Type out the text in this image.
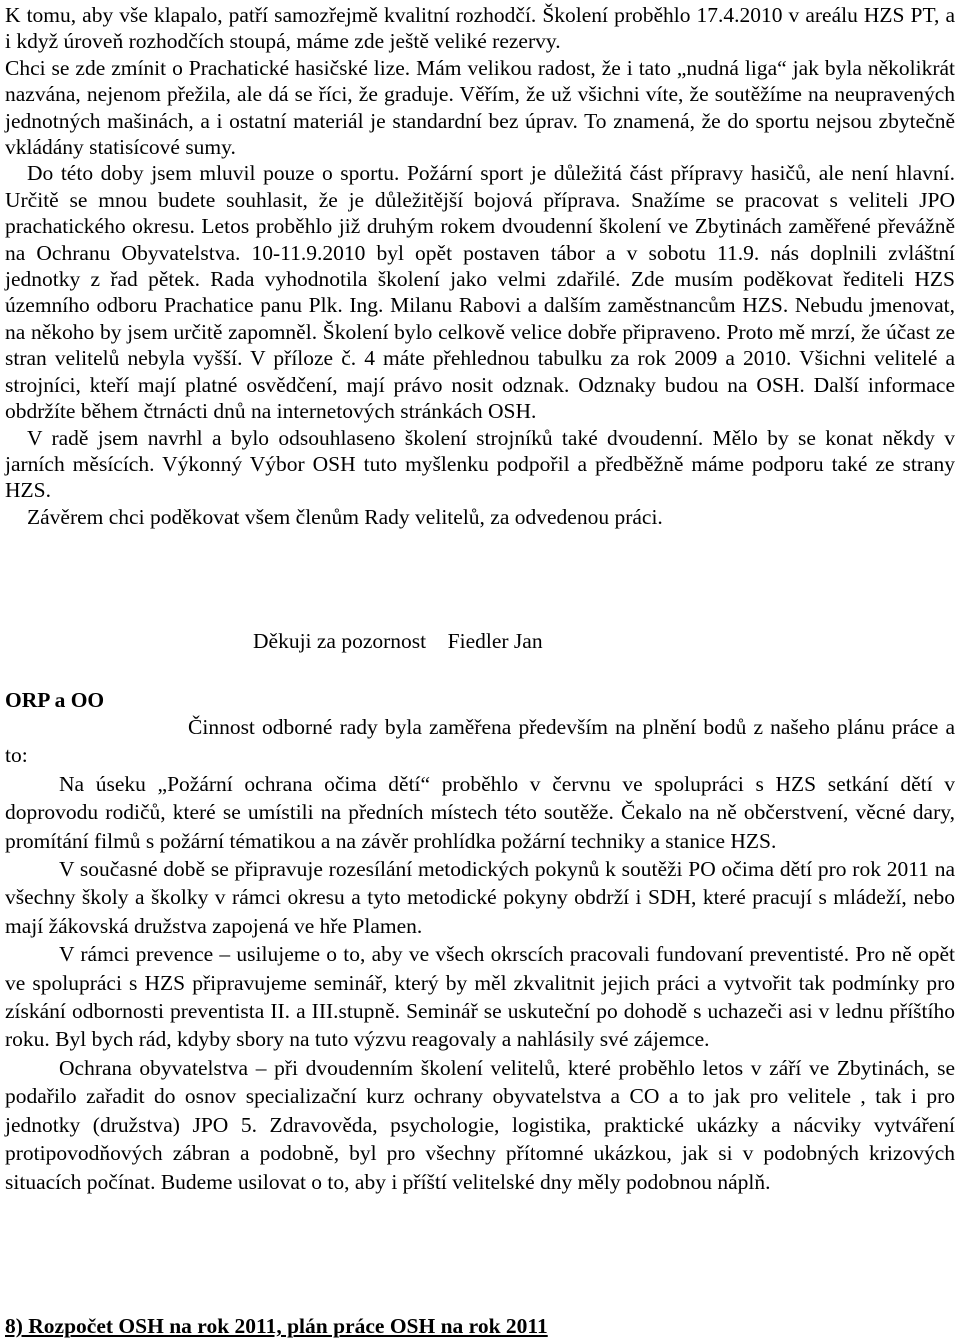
K tomu, aby vše klapalo, patří samozřejmě kvalitní rozhodčí. Školení proběhlo 17.4.2010 v areálu HZS PT, a i když úroveň rozhodčích stoupá, máme zde ještě veliké rezervy.

Chci se zde zmínit o Prachatické hasičské lize. Mám velikou radost, že i tato „nudná liga“ jak byla několikrát nazvána, nejenom přežila, ale dá se říci, že graduje. Věřím, že už všichni víte, že soutěžíme na neupravených jednotných mašinách, a i ostatní materiál je standardní bez úprav. To znamená, že do sportu nejsou zbytečně vkládány statisícové sumy.

Do této doby jsem mluvil pouze o sportu. Požární sport je důležitá část přípravy hasičů, ale není hlavní. Určitě se mnou budete souhlasit, že je důležitější bojová příprava. Snažíme se pracovat s veliteli JPO prachatického okresu. Letos proběhlo již druhým rokem dvoudenní školení ve Zbytinách zaměřené převážně na Ochranu Obyvatelstva. 10-11.9.2010 byl opět postaven tábor a v sobotu 11.9. nás doplnili zvláštní jednotky z řad pětek. Rada vyhodnotila školení jako velmi zdařilé. Zde musím poděkovat řediteli HZS územního odboru Prachatice panu Plk. Ing. Milanu Rabovi a dalším zaměstnancům HZS. Nebudu jmenovat, na někoho by jsem určitě zapomněl. Školení bylo celkově velice dobře připraveno. Proto mě mrzí, že účast ze stran velitelů nebyla vyšší. V příloze č. 4 máte přehlednou tabulku za rok 2009 a 2010. Všichni velitelé a strojníci, kteří mají platné osvědčení, mají právo nosit odznak. Odznaky budou na OSH. Další informace obdržíte během čtrnácti dnů na internetových stránkách OSH.

V radě jsem navrhl a bylo odsouhlaseno školení strojníků také dvoudenní. Mělo by se konat někdy v jarních měsících. Výkonný Výbor OSH tuto myšlenku podpořil a předběžně máme podporu také ze strany HZS.

Závěrem chci poděkovat všem členům Rady velitelů, za odvedenou práci.

Děkuji za pozornost Fiedler Jan
ORP a OO

Činnost odborné rady byla zaměřena především na plnění bodů z našeho plánu práce a to:

Na úseku „Požární ochrana očima dětí“ proběhlo v červnu ve spolupráci s HZS setkání dětí v doprovodu rodičů, které se umístili na předních místech této soutěže. Čekalo na ně občerstvení, věcné dary, promítání filmů s požární tématikou a na závěr prohlídka požární techniky a stanice HZS.

V současné době se připravuje rozesílání metodických pokynů k soutěži PO očima dětí pro rok 2011 na všechny školy a školky v rámci okresu a tyto metodické pokyny obdrží i SDH, které pracují s mládeží, nebo mají žákovská družstva zapojená ve hře Plamen.

V rámci prevence – usilujeme o to, aby ve všech okrscích pracovali fundovaní preventisté. Pro ně opět ve spolupráci s HZS připravujeme seminář, který by měl zkvalitnit jejich práci a vytvořit tak podmínky pro získání odbornosti preventista II. a III.stupně. Seminář se uskuteční po dohodě s uchazeči asi v lednu příštího roku. Byl bych rád, kdyby sbory na tuto výzvu reagovaly a nahlásily své zájemce.

Ochrana obyvatelstva – při dvoudenním školení velitelů, které proběhlo letos v září ve Zbytinách, se podařilo zařadit do osnov specializační kurz ochrany obyvatelstva a CO a to jak pro velitele , tak i pro jednotky (družstva) JPO 5. Zdravověda, psychologie, logistika, praktické ukázky a nácviky vytváření protipovodňových zábran a podobně, byl pro všechny přítomné ukázkou, jak si v podobných krizových situacích počínat. Budeme usilovat o to, aby i příští velitelské dny měly podobnou náplň.

8) Rozpočet OSH na rok 2011, plán práce OSH na rok 2011
